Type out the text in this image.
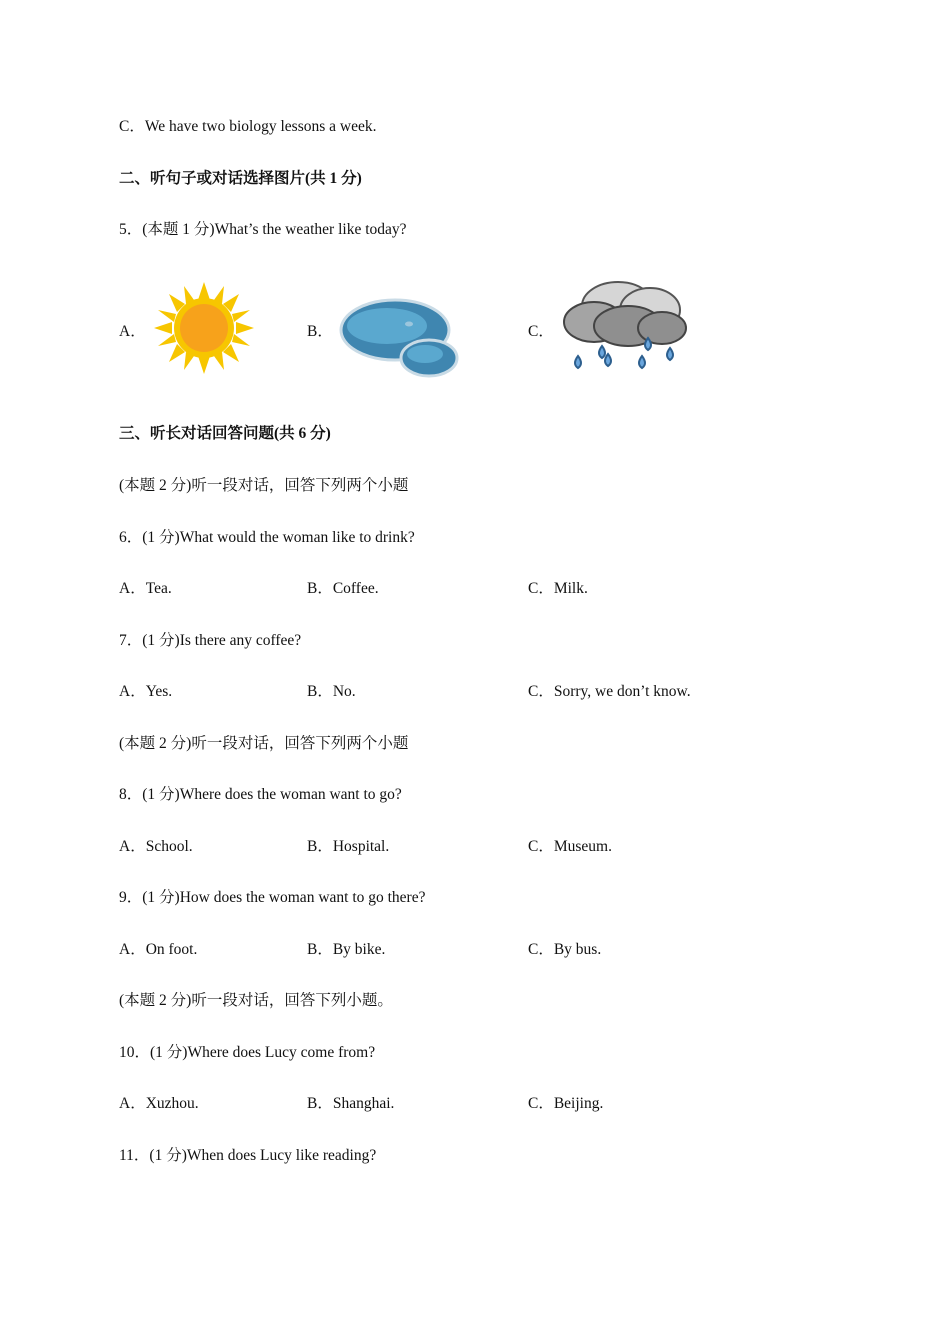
C．We have two biology lessons a week.
二、听句子或对话选择图片(共 1 分)
5．(本题 1 分)What’s the weather like today?
A．	B．	C．
三、听长对话回答问题(共 6 分)
(本题 2 分)听一段对话，回答下列两个小题
6．(1 分)What would the woman like to drink?
A．Tea.	B．Coffee.	C．Milk.
7．(1 分)Is there any coffee?
A．Yes.	B．No.	C．Sorry, we don’t know.
(本题 2 分)听一段对话，回答下列两个小题
8．(1 分)Where does the woman want to go?
A．School.	B．Hospital.	C．Museum.
9．(1 分)How does the woman want to go there?
A．On foot.	B．By bike.	C．By bus.
(本题 2 分)听一段对话，回答下列小题。
10．(1 分)Where does Lucy come from?
A．Xuzhou.	B．Shanghai.	C．Beijing.
11．(1 分)When does Lucy like reading?
